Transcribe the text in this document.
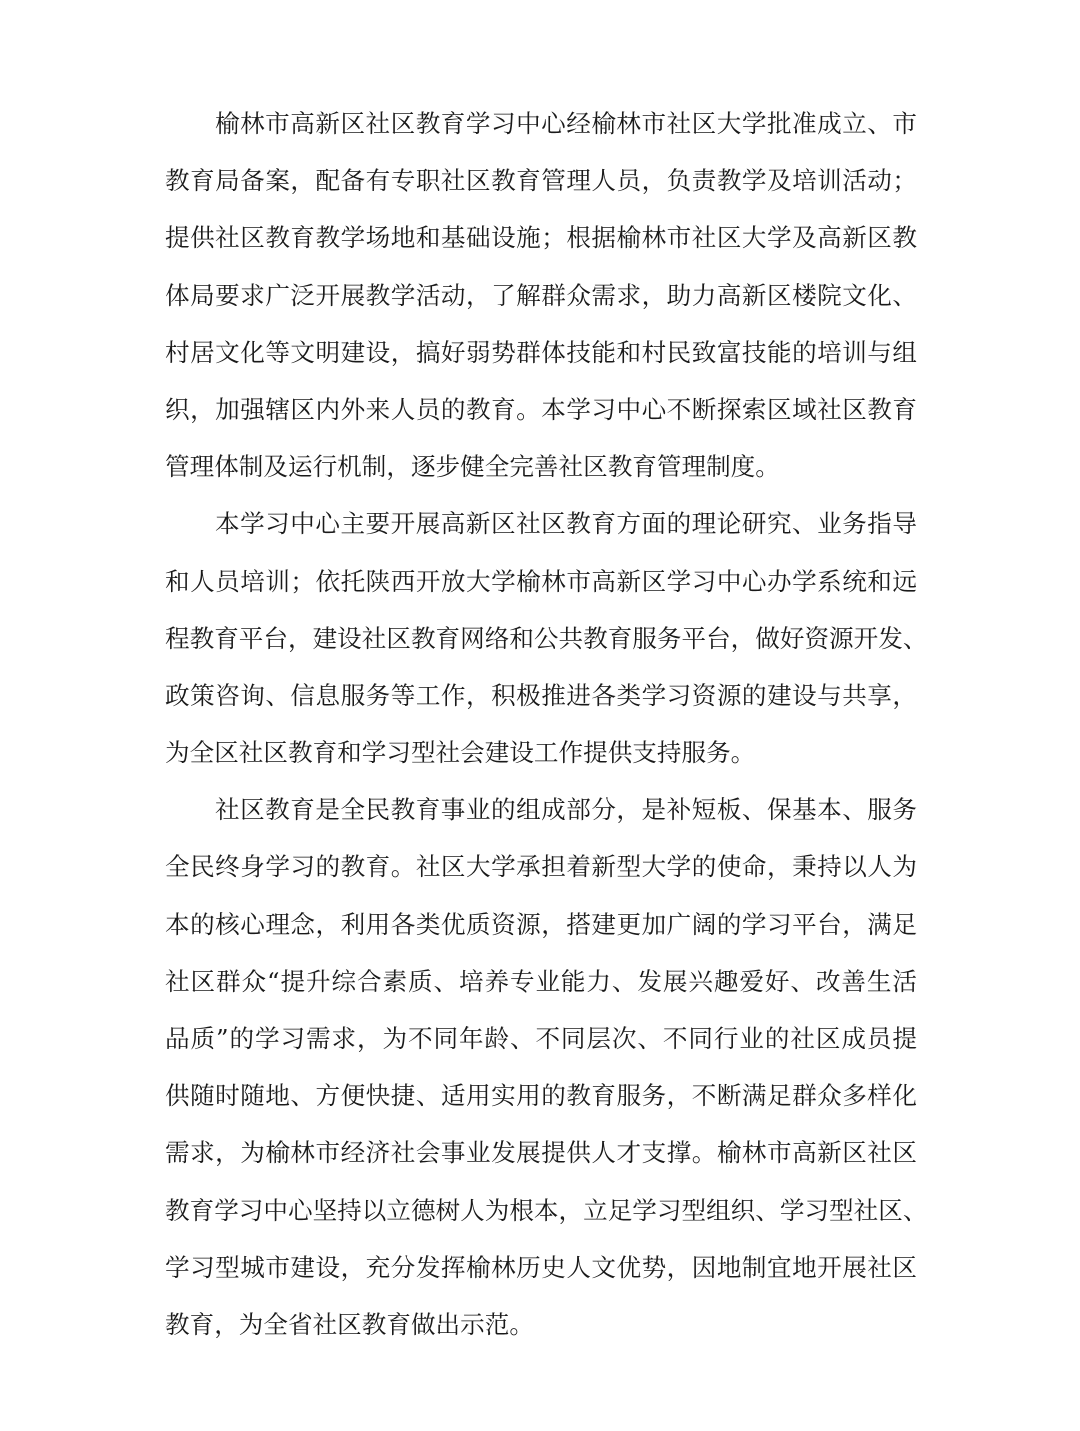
榆林市高新区社区教育学习中心经榆林市社区大学批准成立、市
教育局备案，配备有专职社区教育管理人员，负责教学及培训活动；
提供社区教育教学场地和基础设施；根据榆林市社区大学及高新区教
体局要求广泛开展教学活动，了解群众需求，助力高新区楼院文化、
村居文化等文明建设，搞好弱势群体技能和村民致富技能的培训与组
织，加强辖区内外来人员的教育。本学习中心不断探索区域社区教育
管理体制及运行机制，逐步健全完善社区教育管理制度。
本学习中心主要开展高新区社区教育方面的理论研究、业务指导
和人员培训；依托陕西开放大学榆林市高新区学习中心办学系统和远
程教育平台，建设社区教育网络和公共教育服务平台，做好资源开发、
政策咨询、信息服务等工作，积极推进各类学习资源的建设与共享，
为全区社区教育和学习型社会建设工作提供支持服务。
社区教育是全民教育事业的组成部分，是补短板、保基本、服务
全民终身学习的教育。社区大学承担着新型大学的使命，秉持以人为
本的核心理念，利用各类优质资源，搭建更加广阔的学习平台，满足
社区群众“提升综合素质、培养专业能力、发展兴趣爱好、改善生活
品质”的学习需求，为不同年龄、不同层次、不同行业的社区成员提
供随时随地、方便快捷、适用实用的教育服务，不断满足群众多样化
需求，为榆林市经济社会事业发展提供人才支撑。榆林市高新区社区
教育学习中心坚持以立德树人为根本，立足学习型组织、学习型社区、
学习型城市建设，充分发挥榆林历史人文优势，因地制宜地开展社区
教育，为全省社区教育做出示范。
